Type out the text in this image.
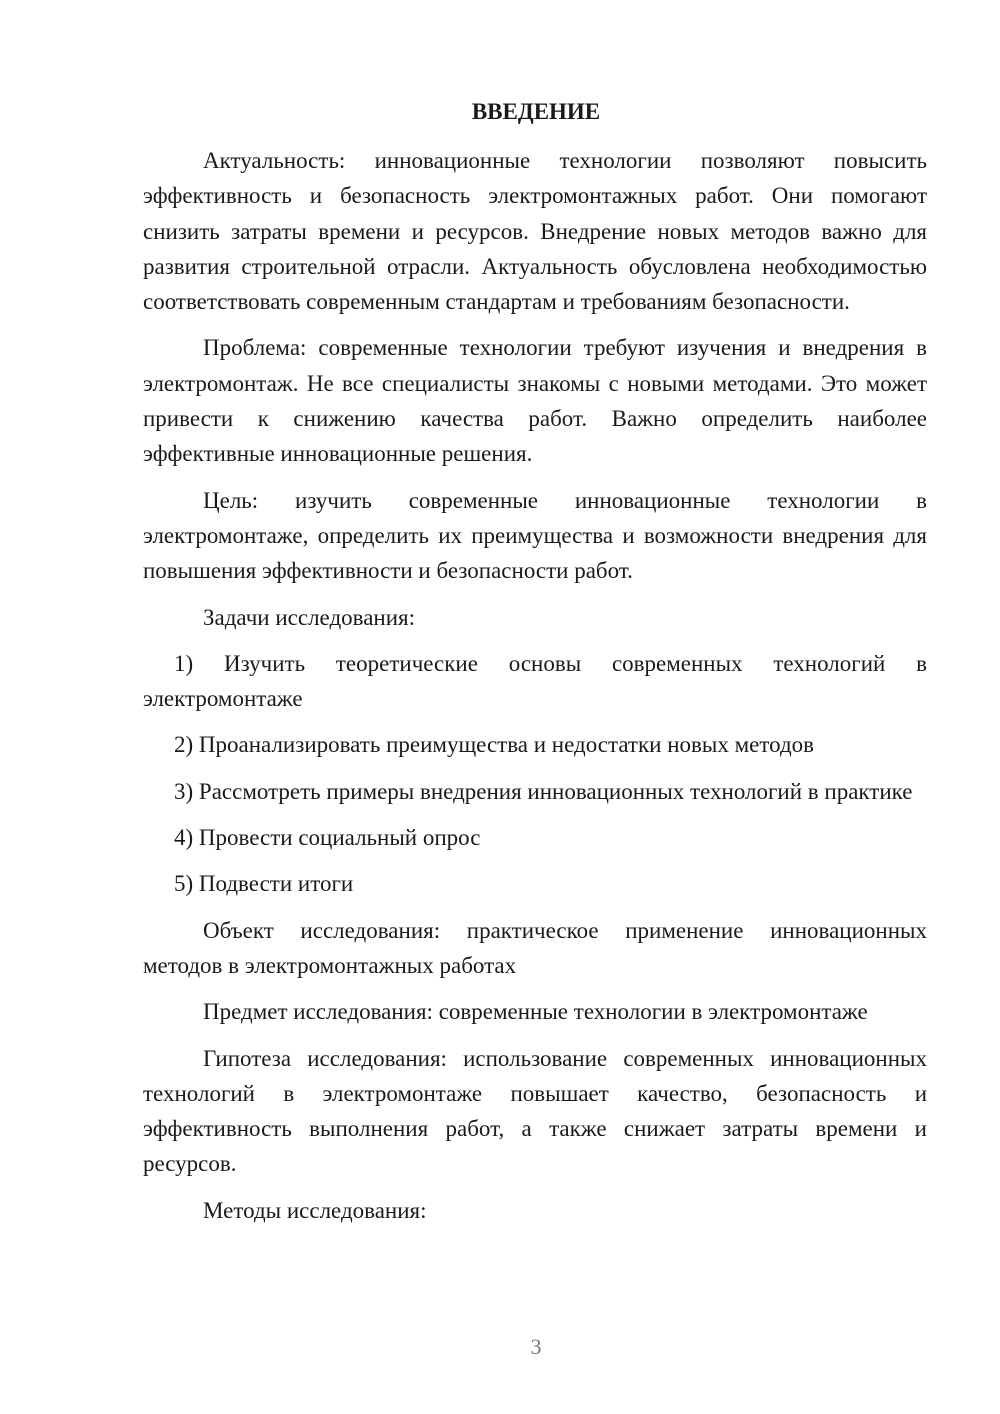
ВВЕДЕНИЕ

Актуальность: инновационные технологии позволяют повысить эффективность и безопасность электромонтажных работ. Они помогают снизить затраты времени и ресурсов. Внедрение новых методов важно для развития строительной отрасли. Актуальность обусловлена необходимостью соответствовать современным стандартам и требованиям безопасности.

Проблема: современные технологии требуют изучения и внедрения в электромонтаж. Не все специалисты знакомы с новыми методами. Это может привести к снижению качества работ. Важно определить наиболее эффективные инновационные решения.

Цель: изучить современные инновационные технологии в электромонтаже, определить их преимущества и возможности внедрения для повышения эффективности и безопасности работ.

Задачи исследования:

1) Изучить теоретические основы современных технологий в электромонтаже

2) Проанализировать преимущества и недостатки новых методов

3) Рассмотреть примеры внедрения инновационных технологий в практике

4) Провести социальный опрос

5) Подвести итоги

Объект исследования: практическое применение инновационных методов в электромонтажных работах

Предмет исследования: современные технологии в электромонтаже

Гипотеза исследования: использование современных инновационных технологий в электромонтаже повышает качество, безопасность и эффективность выполнения работ, а также снижает затраты времени и ресурсов.

Методы исследования:

3
